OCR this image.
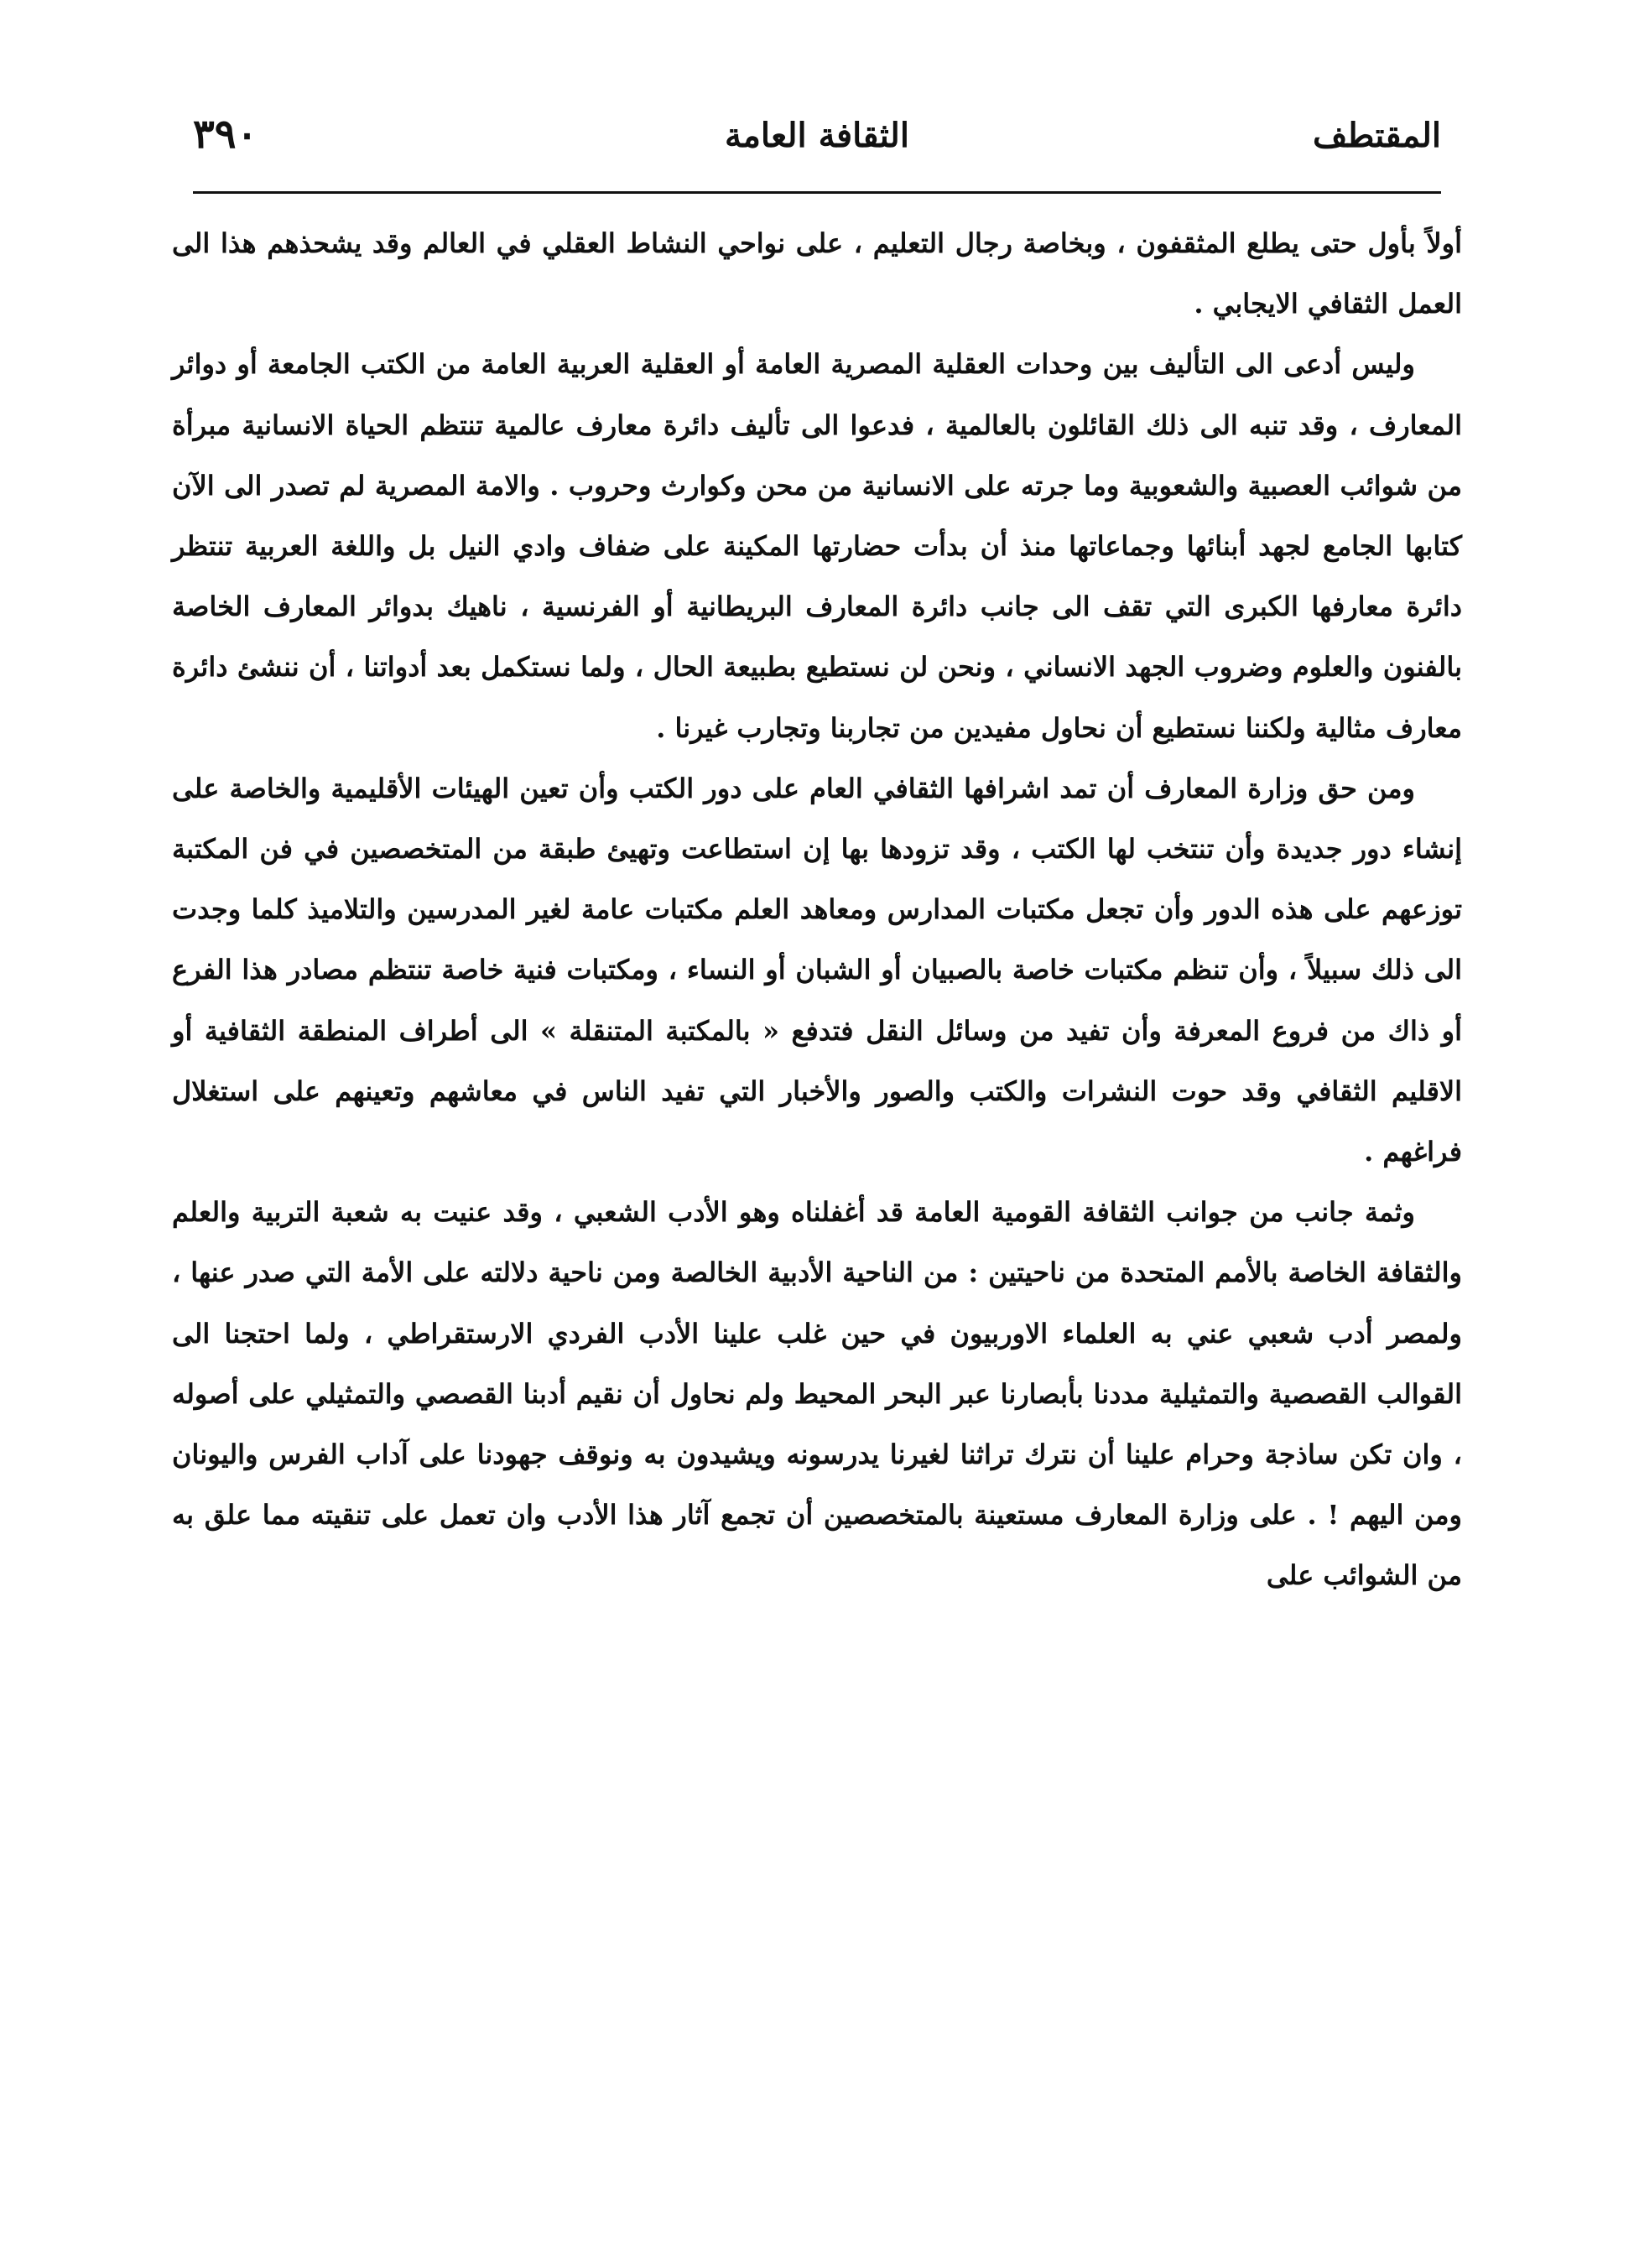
المقتطف
الثقافة العامة
٣٩٠

أولاً بأول حتى يطلع المثقفون ، وبخاصة رجال التعليم ، على نواحي النشاط العقلي في العالم وقد يشحذهم هذا الى العمل الثقافي الايجابي .

وليس أدعى الى التأليف بين وحدات العقلية المصرية العامة أو العقلية العربية العامة من الكتب الجامعة أو دوائر المعارف ، وقد تنبه الى ذلك القائلون بالعالمية ، فدعوا الى تأليف دائرة معارف عالمية تنتظم الحياة الانسانية مبرأة من شوائب العصبية والشعوبية وما جرته على الانسانية من محن وكوارث وحروب . والامة المصرية لم تصدر الى الآن كتابها الجامع لجهد أبنائها وجماعاتها منذ أن بدأت حضارتها المكينة على ضفاف وادي النيل بل واللغة العربية تنتظر دائرة معارفها الكبرى التي تقف الى جانب دائرة المعارف البريطانية أو الفرنسية ، ناهيك بدوائر المعارف الخاصة بالفنون والعلوم وضروب الجهد الانساني ، ونحن لن نستطيع بطبيعة الحال ، ولما نستكمل بعد أدواتنا ، أن ننشئ دائرة معارف مثالية ولكننا نستطيع أن نحاول مفيدين من تجاربنا وتجارب غيرنا .

ومن حق وزارة المعارف أن تمد اشرافها الثقافي العام على دور الكتب وأن تعين الهيئات الأقليمية والخاصة على إنشاء دور جديدة وأن تنتخب لها الكتب ، وقد تزودها بها إن استطاعت وتهيئ طبقة من المتخصصين في فن المكتبة توزعهم على هذه الدور وأن تجعل مكتبات المدارس ومعاهد العلم مكتبات عامة لغير المدرسين والتلاميذ كلما وجدت الى ذلك سبيلاً ، وأن تنظم مكتبات خاصة بالصبيان أو الشبان أو النساء ، ومكتبات فنية خاصة تنتظم مصادر هذا الفرع أو ذاك من فروع المعرفة وأن تفيد من وسائل النقل فتدفع « بالمكتبة المتنقلة » الى أطراف المنطقة الثقافية أو الاقليم الثقافي وقد حوت النشرات والكتب والصور والأخبار التي تفيد الناس في معاشهم وتعينهم على استغلال فراغهم .

وثمة جانب من جوانب الثقافة القومية العامة قد أغفلناه وهو الأدب الشعبي ، وقد عنيت به شعبة التربية والعلم والثقافة الخاصة بالأمم المتحدة من ناحيتين : من الناحية الأدبية الخالصة ومن ناحية دلالته على الأمة التي صدر عنها ، ولمصر أدب شعبي عني به العلماء الاوربيون في حين غلب علينا الأدب الفردي الارستقراطي ، ولما احتجنا الى القوالب القصصية والتمثيلية مددنا بأبصارنا عبر البحر المحيط ولم نحاول أن نقيم أدبنا القصصي والتمثيلي على أصوله ، وان تكن ساذجة وحرام علينا أن نترك تراثنا لغيرنا يدرسونه ويشيدون به ونوقف جهودنا على آداب الفرس واليونان ومن اليهم ! . على وزارة المعارف مستعينة بالمتخصصين أن تجمع آثار هذا الأدب وان تعمل على تنقيته مما علق به من الشوائب على
